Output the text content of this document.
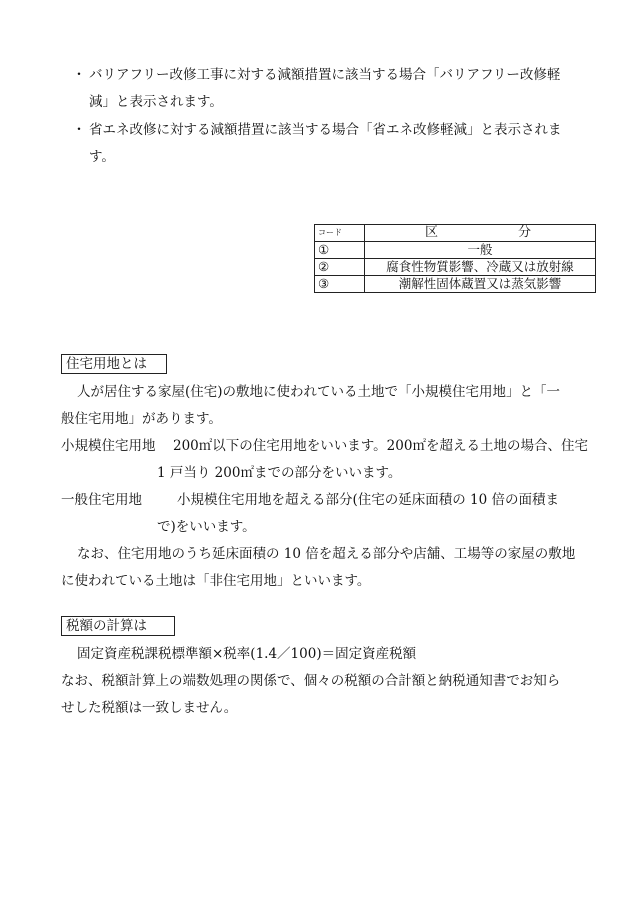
・ バリアフリー改修工事に対する減額措置に該当する場合「バリアフリー改修軽
減」と表示されます。
・ 省エネ改修に対する減額措置に該当する場合「省エネ改修軽減」と表示されま
す。
コード	区 分

①	一般
②	腐食性物質影響、冷蔵又は放射線
③	潮解性固体蔵置又は蒸気影響
住宅用地とは
人が居住する家屋(住宅)の敷地に使われている土地で「小規模住宅用地」と「一
般住宅用地」があります。
小規模住宅用地 200㎡以下の住宅用地をいいます。200㎡を超える土地の場合、住宅
1 戸当り 200㎡までの部分をいいます。
一般住宅用地	小規模住宅用地を超える部分(住宅の延床面積の 10 倍の面積ま
で)をいいます。
なお、住宅用地のうち延床面積の 10 倍を超える部分や店舗、工場等の家屋の敷地
に使われている土地は「非住宅用地」といいます。
税額の計算は
固定資産税課税標準額×税率(1.4／100)＝固定資産税額
なお、税額計算上の端数処理の関係で、個々の税額の合計額と納税通知書でお知ら
せした税額は一致しません。
